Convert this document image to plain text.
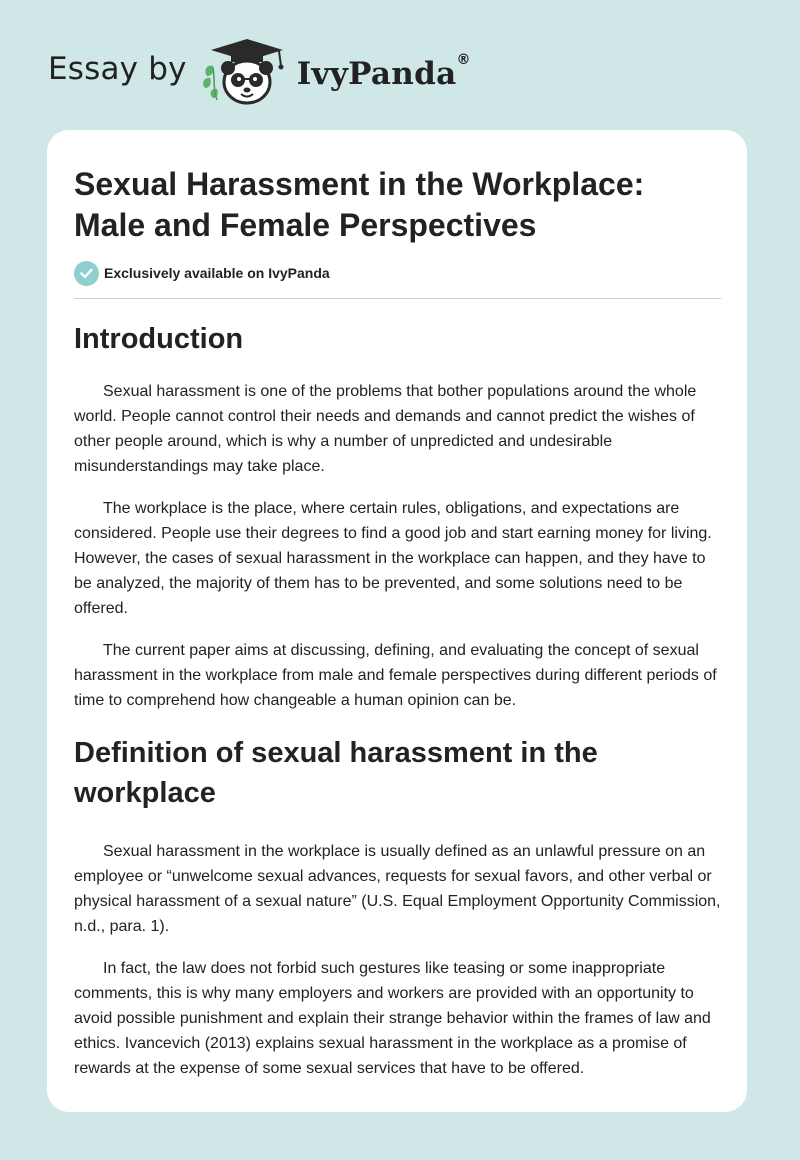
Essay by	IvyPanda®
Sexual Harassment in the Workplace:
Male and Female Perspectives
Exclusively available on IvyPanda
Introduction

Sexual harassment is one of the problems that bother populations around the whole world. People cannot control their needs and demands and cannot predict the wishes of other people around, which is why a number of unpredicted and undesirable misunderstandings may take place.

The workplace is the place, where certain rules, obligations, and expectations are considered. People use their degrees to find a good job and start earning money for living. However, the cases of sexual harassment in the workplace can happen, and they have to be analyzed, the majority of them has to be prevented, and some solutions need to be offered.

The current paper aims at discussing, defining, and evaluating the concept of sexual harassment in the workplace from male and female perspectives during different periods of time to comprehend how changeable a human opinion can be.

Definition of sexual harassment in the
workplace

Sexual harassment in the workplace is usually defined as an unlawful pressure on an employee or “unwelcome sexual advances, requests for sexual favors, and other verbal or physical harassment of a sexual nature” (U.S. Equal Employment Opportunity Commission, n.d., para. 1).

In fact, the law does not forbid such gestures like teasing or some inappropriate comments, this is why many employers and workers are provided with an opportunity to avoid possible punishment and explain their strange behavior within the frames of law and ethics. Ivancevich (2013) explains sexual harassment in the workplace as a promise of rewards at the expense of some sexual services that have to be offered.
